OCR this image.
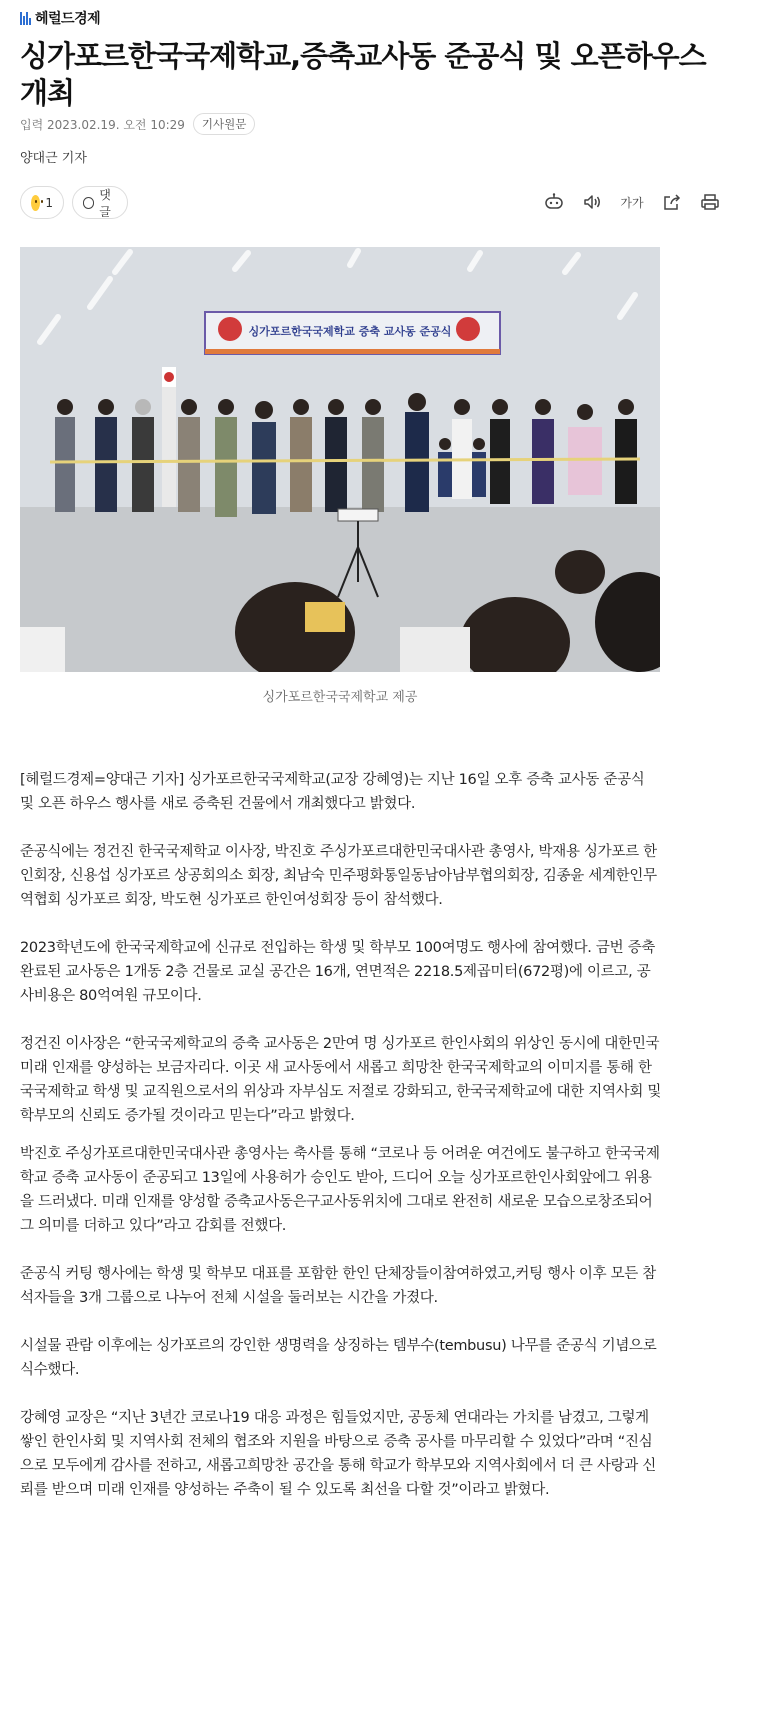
헤럴드경제
싱가포르한국국제학교,증축교사동 준공식 및 오픈하우스 개최
입력 2023.02.19. 오전 10:29	기사원문
양대근 기자
1
댓글
가가
싱가포르한국국제학교 증축 교사동 준공식
싱가포르한국국제학교 제공

[헤럴드경제=양대근 기자] 싱가포르한국국제학교(교장 강혜영)는 지난 16일 오후 증축 교사동 준공식 및 오픈 하우스 행사를 새로 증축된 건물에서 개최했다고 밝혔다.

준공식에는 정건진 한국국제학교 이사장, 박진호 주싱가포르대한민국대사관 총영사, 박재용 싱가포르 한인회장, 신용섭 싱가포르 상공회의소 회장, 최남숙 민주평화통일동남아남부협의회장, 김종윤 세계한인무역협회 싱가포르 회장, 박도현 싱가포르 한인여성회장 등이 참석했다.

2023학년도에 한국국제학교에 신규로 전입하는 학생 및 학부모 100여명도 행사에 참여했다. 금번 증축 완료된 교사동은 1개동 2층 건물로 교실 공간은 16개, 연면적은 2218.5제곱미터(672평)에 이르고, 공사비용은 80억여원 규모이다.

정건진 이사장은 “한국국제학교의 증축 교사동은 2만여 명 싱가포르 한인사회의 위상인 동시에 대한민국 미래 인재를 양성하는 보금자리다. 이곳 새 교사동에서 새롭고 희망찬 한국국제학교의 이미지를 통해 한국국제학교 학생 및 교직원으로서의 위상과 자부심도 저절로 강화되고, 한국국제학교에 대한 지역사회 및 학부모의 신뢰도 증가될 것이라고 믿는다”라고 밝혔다.

박진호 주싱가포르대한민국대사관 총영사는 축사를 통해 “코로나 등 어려운 여건에도 불구하고 한국국제학교 증축 교사동이 준공되고 13일에 사용허가 승인도 받아, 드디어 오늘 싱가포르한인사회앞에그 위용을 드러냈다. 미래 인재를 양성할 증축교사동은구교사동위치에 그대로 완전히 새로운 모습으로창조되어 그 의미를 더하고 있다”라고 감회를 전했다.

준공식 커팅 행사에는 학생 및 학부모 대표를 포함한 한인 단체장들이참여하였고,커팅 행사 이후 모든 참석자들을 3개 그룹으로 나누어 전체 시설을 둘러보는 시간을 가졌다.

시설물 관람 이후에는 싱가포르의 강인한 생명력을 상징하는 템부수(tembusu) 나무를 준공식 기념으로 식수했다.

강혜영 교장은 “지난 3년간 코로나19 대응 과정은 힘들었지만, 공동체 연대라는 가치를 남겼고, 그렇게 쌓인 한인사회 및 지역사회 전체의 협조와 지원을 바탕으로 증축 공사를 마무리할 수 있었다”라며 “진심으로 모두에게 감사를 전하고, 새롭고희망찬 공간을 통해 학교가 학부모와 지역사회에서 더 큰 사랑과 신뢰를 받으며 미래 인재를 양성하는 주축이 될 수 있도록 최선을 다할 것”이라고 밝혔다.
